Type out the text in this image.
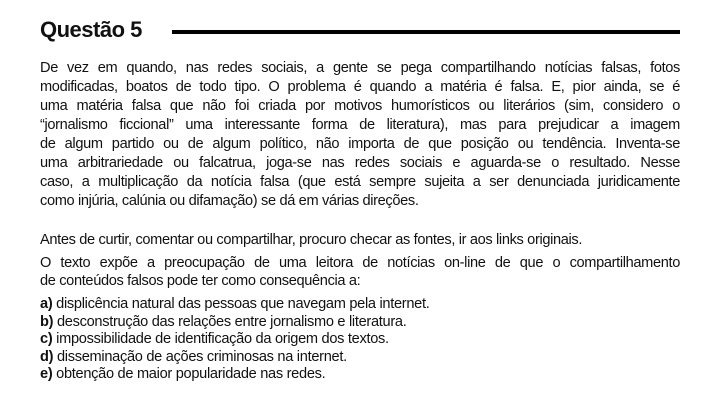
Questão 5
De vez em quando, nas redes sociais, a gente se pega compartilhando notícias falsas, fotos
modificadas, boatos de todo tipo. O problema é quando a matéria é falsa. E, pior ainda, se é
uma matéria falsa que não foi criada por motivos humorísticos ou literários (sim, considero o
“jornalismo ficcional” uma interessante forma de literatura), mas para prejudicar a imagem
de algum partido ou de algum político, não importa de que posição ou tendência. Inventa-se
uma arbitrariedade ou falcatrua, joga-se nas redes sociais e aguarda-se o resultado. Nesse
caso, a multiplicação da notícia falsa (que está sempre sujeita a ser denunciada juridicamente
como injúria, calúnia ou difamação) se dá em várias direções.
Antes de curtir, comentar ou compartilhar, procuro checar as fontes, ir aos links originais.
O texto expõe a preocupação de uma leitora de notícias on-line de que o compartilhamento
de conteúdos falsos pode ter como consequência a:
a) displicência natural das pessoas que navegam pela internet.
b) desconstrução das relações entre jornalismo e literatura.
c) impossibilidade de identificação da origem dos textos.
d) disseminação de ações criminosas na internet.
e) obtenção de maior popularidade nas redes.
